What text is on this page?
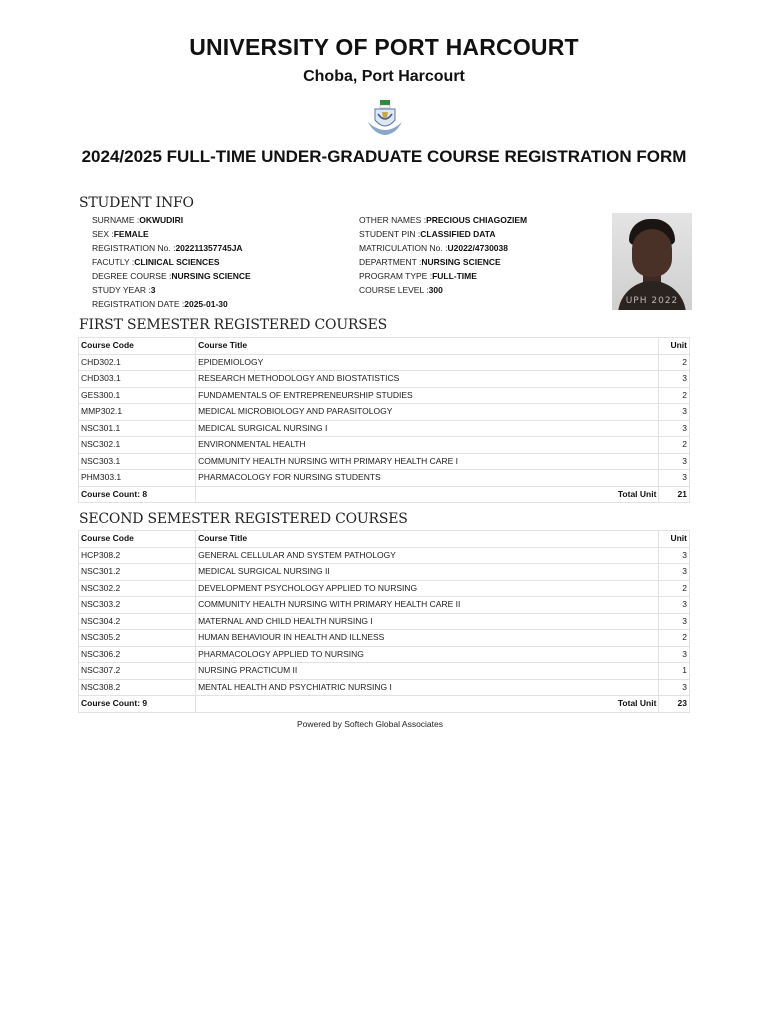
UNIVERSITY OF PORT HARCOURT
Choba, Port Harcourt
2024/2025 FULL-TIME UNDER-GRADUATE COURSE REGISTRATION FORM
STUDENT INFO
SURNAME :OKWUDIRI
SEX :FEMALE
REGISTRATION No. :202211357745JA
FACUTLY :CLINICAL SCIENCES
DEGREE COURSE :NURSING SCIENCE
STUDY YEAR :3
REGISTRATION DATE :2025-01-30
OTHER NAMES :PRECIOUS CHIAGOZIEM
STUDENT PIN :CLASSIFIED DATA
MATRICULATION No. :U2022/4730038
DEPARTMENT :NURSING SCIENCE
PROGRAM TYPE :FULL-TIME
COURSE LEVEL :300
UPH 2022
FIRST SEMESTER REGISTERED COURSES
Course Code	Course Title	Unit
CHD302.1	EPIDEMIOLOGY	2
CHD303.1	RESEARCH METHODOLOGY AND BIOSTATISTICS	3
GES300.1	FUNDAMENTALS OF ENTREPRENEURSHIP STUDIES	2
MMP302.1	MEDICAL MICROBIOLOGY AND PARASITOLOGY	3
NSC301.1	MEDICAL SURGICAL NURSING I	3
NSC302.1	ENVIRONMENTAL HEALTH	2
NSC303.1	COMMUNITY HEALTH NURSING WITH PRIMARY HEALTH CARE I	3
PHM303.1	PHARMACOLOGY FOR NURSING STUDENTS	3
Course Count: 8	Total Unit	21
SECOND SEMESTER REGISTERED COURSES
Course Code	Course Title	Unit
HCP308.2	GENERAL CELLULAR AND SYSTEM PATHOLOGY	3
NSC301.2	MEDICAL SURGICAL NURSING II	3
NSC302.2	DEVELOPMENT PSYCHOLOGY APPLIED TO NURSING	2
NSC303.2	COMMUNITY HEALTH NURSING WITH PRIMARY HEALTH CARE II	3
NSC304.2	MATERNAL AND CHILD HEALTH NURSING I	3
NSC305.2	HUMAN BEHAVIOUR IN HEALTH AND ILLNESS	2
NSC306.2	PHARMACOLOGY APPLIED TO NURSING	3
NSC307.2	NURSING PRACTICUM II	1
NSC308.2	MENTAL HEALTH AND PSYCHIATRIC NURSING I	3
Course Count: 9	Total Unit	23
Powered by Softech Global Associates
